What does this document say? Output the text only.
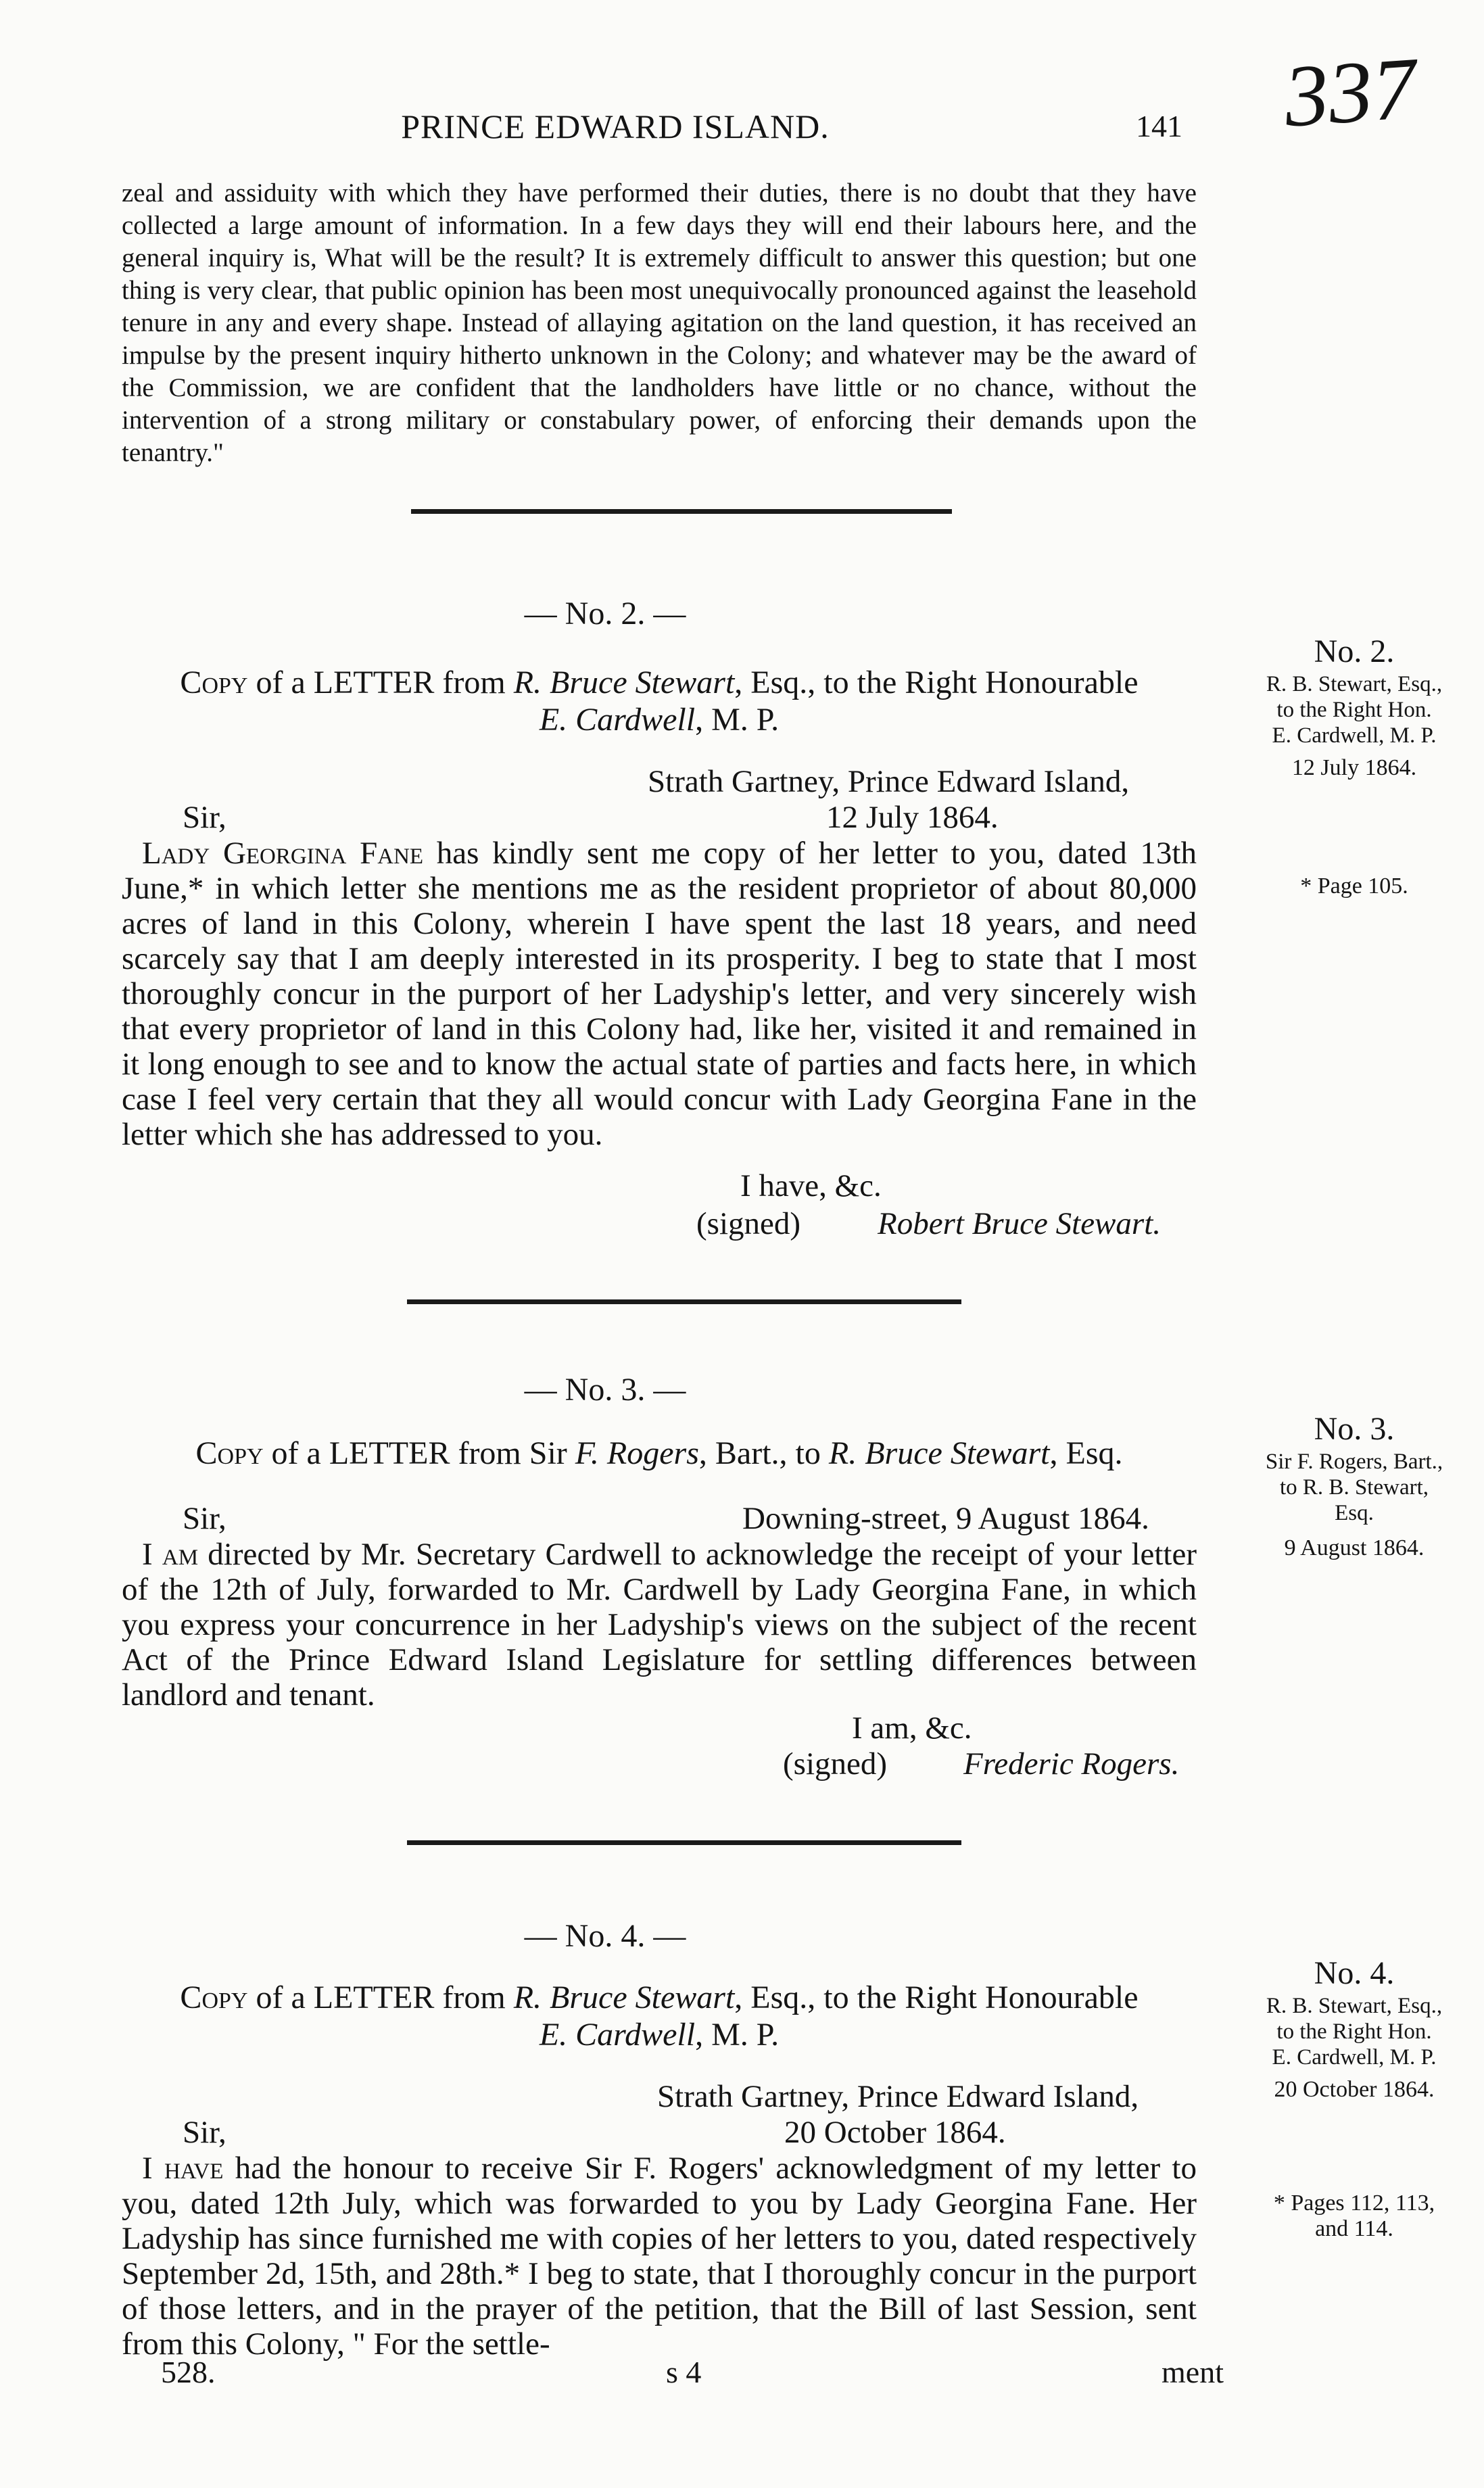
PRINCE EDWARD ISLAND.	141 337
zeal and assiduity with which they have performed their duties, there is no doubt that they have collected a large amount of information. In a few days they will end their labours here, and the general inquiry is, What will be the result? It is extremely difficult to answer this question; but one thing is very clear, that public opinion has been most unequivocally pronounced against the leasehold tenure in any and every shape. Instead of allaying agitation on the land question, it has received an impulse by the present inquiry hitherto unknown in the Colony; and whatever may be the award of the Commission, we are confident that the landholders have little or no chance, without the intervention of a strong military or constabulary power, of enforcing their demands upon the tenantry."
— No. 2. —
Copy of a LETTER from R. Bruce Stewart, Esq., to the Right Honourable
E. Cardwell, M. P.
Strath Gartney, Prince Edward Island,
Sir,	12 July 1864.
Lady Georgina Fane has kindly sent me copy of her letter to you, dated 13th June,* in which letter she mentions me as the resident proprietor of about 80,000 acres of land in this Colony, wherein I have spent the last 18 years, and need scarcely say that I am deeply interested in its prosperity. I beg to state that I most thoroughly concur in the purport of her Ladyship's letter, and very sincerely wish that every proprietor of land in this Colony had, like her, visited it and remained in it long enough to see and to know the actual state of parties and facts here, in which case I feel very certain that they all would concur with Lady Georgina Fane in the letter which she has addressed to you.
I have, &c.
(signed) Robert Bruce Stewart.
No. 2.
R. B. Stewart, Esq.,
to the Right Hon.
E. Cardwell, M. P.
12 July 1864.
* Page 105.
— No. 3. —
Copy of a LETTER from Sir F. Rogers, Bart., to R. Bruce Stewart, Esq.
Sir,	Downing-street, 9 August 1864.
I am directed by Mr. Secretary Cardwell to acknowledge the receipt of your letter of the 12th of July, forwarded to Mr. Cardwell by Lady Georgina Fane, in which you express your concurrence in her Ladyship's views on the subject of the recent Act of the Prince Edward Island Legislature for settling differences between landlord and tenant.
I am, &c.
(signed) Frederic Rogers.
No. 3.
Sir F. Rogers, Bart.,
to R. B. Stewart,
Esq.
9 August 1864.
— No. 4. —
Copy of a LETTER from R. Bruce Stewart, Esq., to the Right Honourable
E. Cardwell, M. P.
Strath Gartney, Prince Edward Island,
Sir,	20 October 1864.
I have had the honour to receive Sir F. Rogers' acknowledgment of my letter to you, dated 12th July, which was forwarded to you by Lady Georgina Fane. Her Ladyship has since furnished me with copies of her letters to you, dated respectively September 2d, 15th, and 28th.* I beg to state, that I thoroughly concur in the purport of those letters, and in the prayer of the petition, that the Bill of last Session, sent from this Colony, " For the settle-
No. 4.
R. B. Stewart, Esq.,
to the Right Hon.
E. Cardwell, M. P.
20 October 1864.
* Pages 112, 113,
and 114.
528.	s 4	ment
